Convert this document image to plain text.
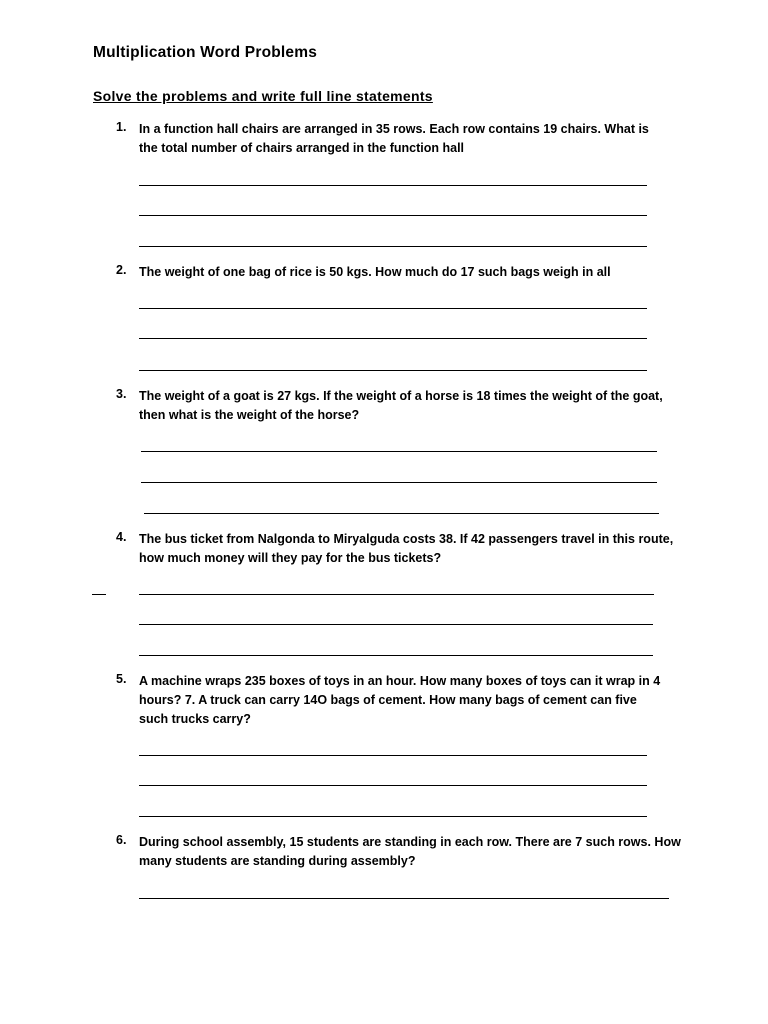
Multiplication Word Problems
Solve the problems and write full line statements
1. In a function hall chairs are arranged in 35 rows. Each row contains 19 chairs. What is the total number of chairs arranged in the function hall
2. The weight of one bag of rice is 50 kgs. How much do 17 such bags weigh in all
3. The weight of a goat is 27 kgs. If the weight of a horse is 18 times the weight of the goat, then what is the weight of the horse?
4. The bus ticket from Nalgonda to Miryalguda costs 38. If 42 passengers travel in this route, how much money will they pay for the bus tickets?
5. A machine wraps 235 boxes of toys in an hour. How many boxes of toys can it wrap in 4 hours? 7. A truck can carry 14O bags of cement. How many bags of cement can five such trucks carry?
6. During school assembly, 15 students are standing in each row. There are 7 such rows. How many students are standing during assembly?
